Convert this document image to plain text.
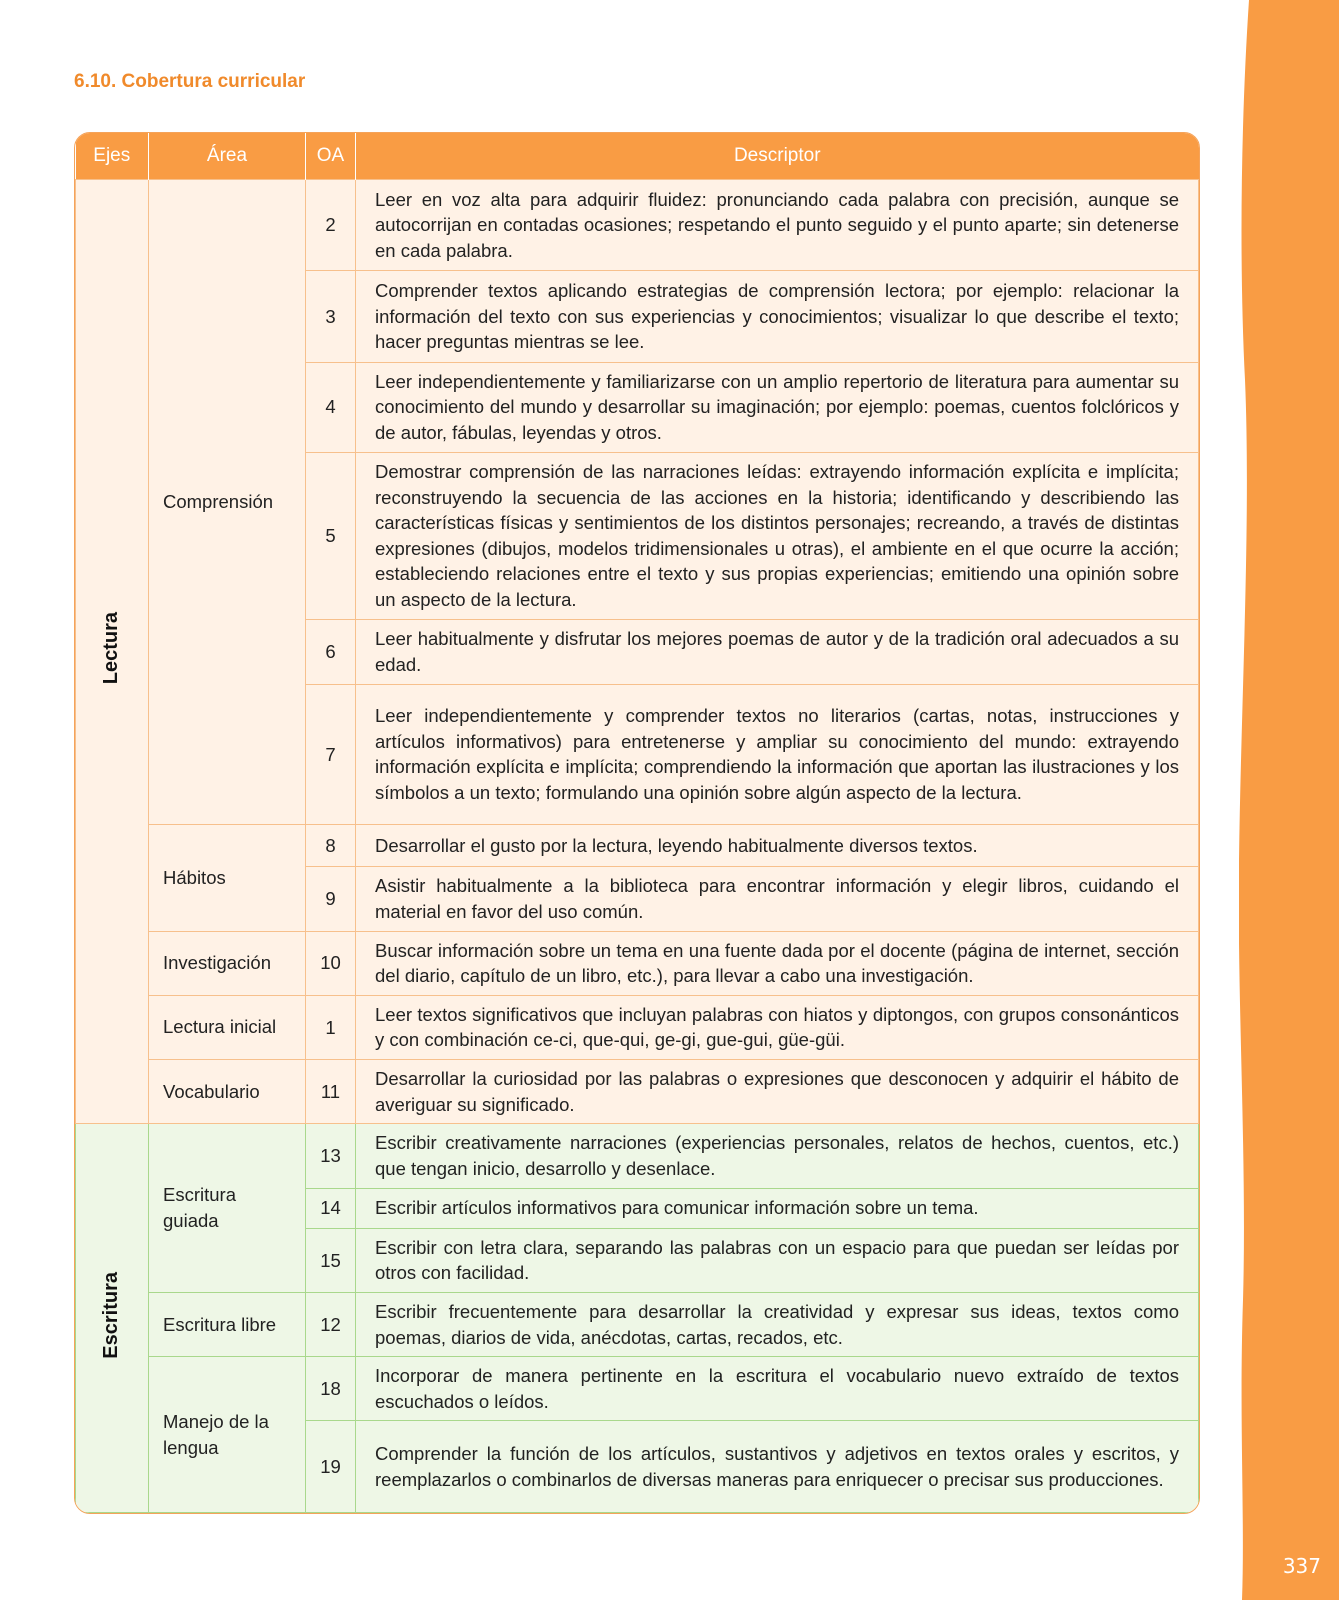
337
6.10. Cobertura curricular
Ejes	Área	OA	Descriptor
Lectura	Comprensión	2	Leer en voz alta para adquirir fluidez: pronunciando cada palabra con precisión, aunque se autocorrijan en contadas ocasiones; respetando el punto seguido y el punto aparte; sin detenerse en cada palabra.
		3	Comprender textos aplicando estrategias de comprensión lectora; por ejemplo: relacionar la información del texto con sus experiencias y conocimientos; visualizar lo que describe el texto; hacer preguntas mientras se lee.
		4	Leer independientemente y familiarizarse con un amplio repertorio de literatura para aumentar su conocimiento del mundo y desarrollar su imaginación; por ejemplo: poemas, cuentos folclóricos y de autor, fábulas, leyendas y otros.
		5	Demostrar comprensión de las narraciones leídas: extrayendo información explícita e implícita; reconstruyendo la secuencia de las acciones en la historia; identificando y describiendo las características físicas y sentimientos de los distintos personajes; recreando, a través de distintas expresiones (dibujos, modelos tridimensionales u otras), el ambiente en el que ocurre la acción; estableciendo relaciones entre el texto y sus propias experiencias; emitiendo una opinión sobre un aspecto de la lectura.
		6	Leer habitualmente y disfrutar los mejores poemas de autor y de la tradición oral adecuados a su edad.
		7	Leer independientemente y comprender textos no literarios (cartas, notas, instrucciones y artículos informativos) para entretenerse y ampliar su conocimiento del mundo: extrayendo información explícita e implícita; comprendiendo la información que aportan las ilustraciones y los símbolos a un texto; formulando una opinión sobre algún aspecto de la lectura.
	Hábitos	8	Desarrollar el gusto por la lectura, leyendo habitualmente diversos textos.
		9	Asistir habitualmente a la biblioteca para encontrar información y elegir libros, cuidando el material en favor del uso común.
	Investigación	10	Buscar información sobre un tema en una fuente dada por el docente (página de internet, sección del diario, capítulo de un libro, etc.), para llevar a cabo una investigación.
	Lectura inicial	1	Leer textos significativos que incluyan palabras con hiatos y diptongos, con grupos consonánticos y con combinación ce-ci, que-qui, ge-gi, gue-gui, güe-güi.
	Vocabulario	11	Desarrollar la curiosidad por las palabras o expresiones que desconocen y adquirir el hábito de averiguar su significado.
Escritura	Escritura guiada	13	Escribir creativamente narraciones (experiencias personales, relatos de hechos, cuentos, etc.) que tengan inicio, desarrollo y desenlace.
		14	Escribir artículos informativos para comunicar información sobre un tema.
		15	Escribir con letra clara, separando las palabras con un espacio para que puedan ser leídas por otros con facilidad.
	Escritura libre	12	Escribir frecuentemente para desarrollar la creatividad y expresar sus ideas, textos como poemas, diarios de vida, anécdotas, cartas, recados, etc.
	Manejo de la lengua	18	Incorporar de manera pertinente en la escritura el vocabulario nuevo extraído de textos escuchados o leídos.
		19	Comprender la función de los artículos, sustantivos y adjetivos en textos orales y escritos, y reemplazarlos o combinarlos de diversas maneras para enriquecer o precisar sus producciones.
